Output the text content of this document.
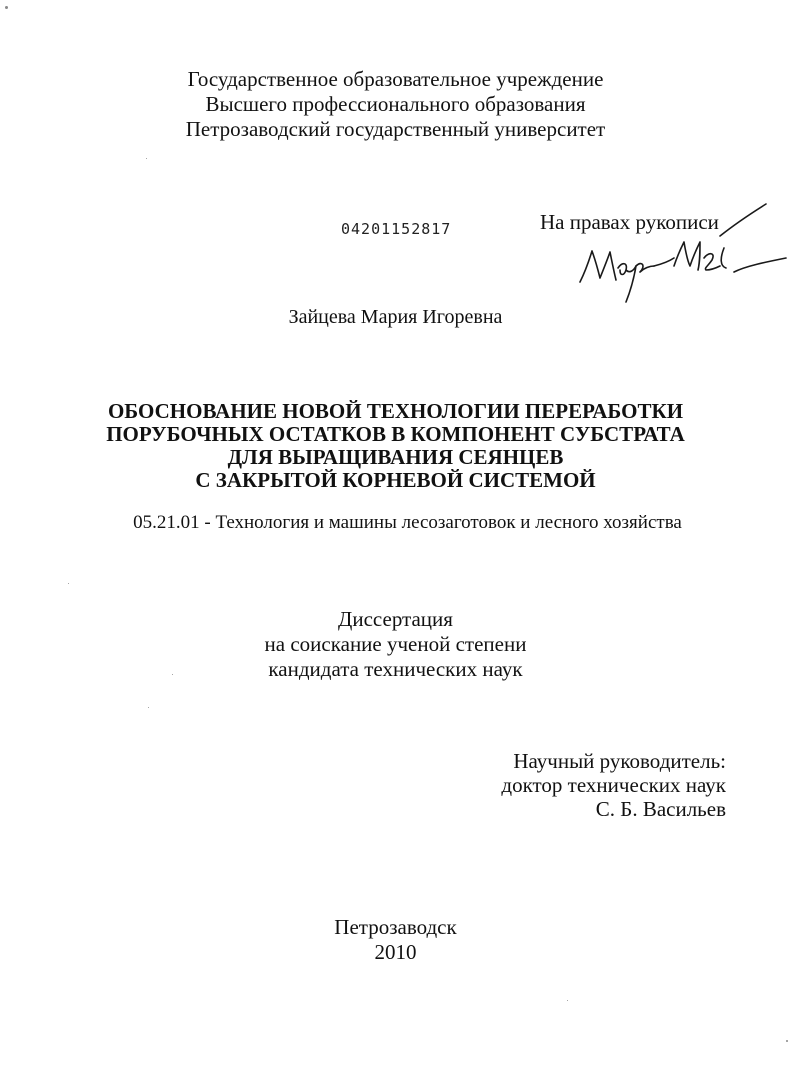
Государственное образовательное учреждение
Высшего профессионального образования
Петрозаводский государственный университет
04201152817	На правах рукописи
Зайцева Мария Игоревна
ОБОСНОВАНИЕ НОВОЙ ТЕХНОЛОГИИ ПЕРЕРАБОТКИ
ПОРУБОЧНЫХ ОСТАТКОВ В КОМПОНЕНТ СУБСТРАТА
ДЛЯ ВЫРАЩИВАНИЯ СЕЯНЦЕВ
С ЗАКРЫТОЙ КОРНЕВОЙ СИСТЕМОЙ
05.21.01 - Технология и машины лесозаготовок и лесного хозяйства
Диссертация
на соискание ученой степени
кандидата технических наук
Научный руководитель:
доктор технических наук
С. Б. Васильев
Петрозаводск
2010
